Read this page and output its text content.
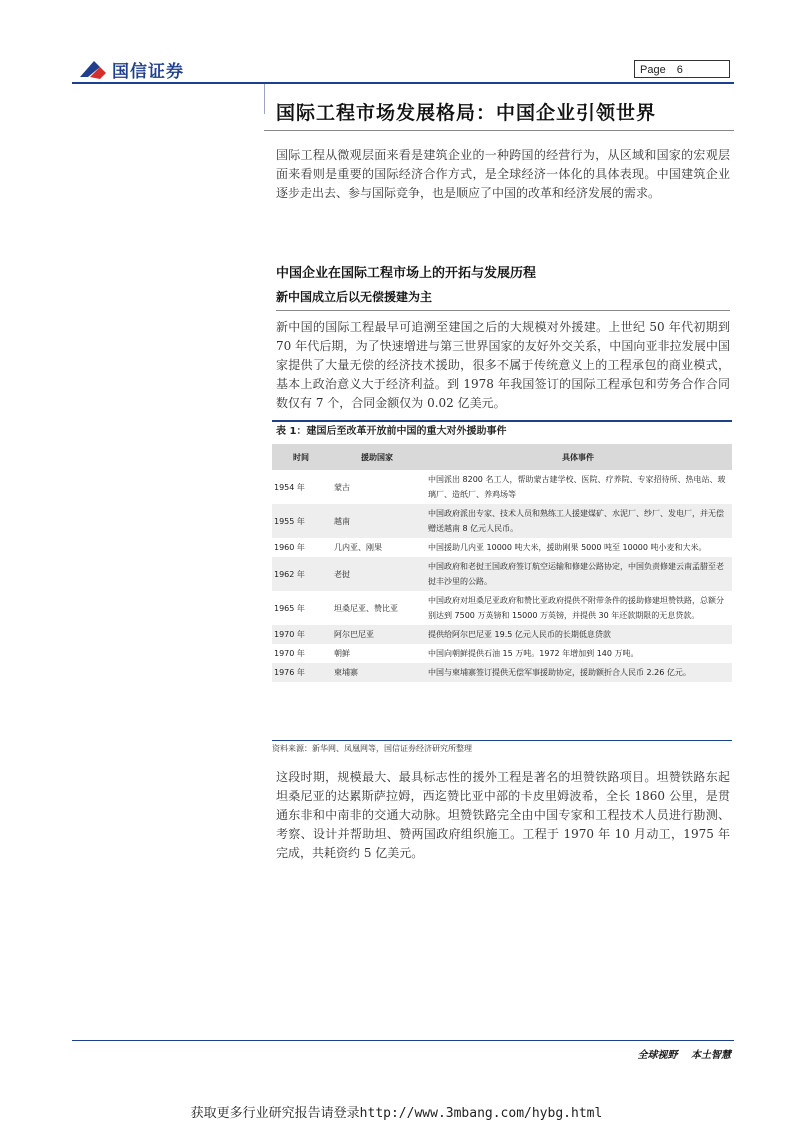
国信证券	Page 6
国际工程市场发展格局：中国企业引领世界

国际工程从微观层面来看是建筑企业的一种跨国的经营行为，从区域和国家的宏观层面来看则是重要的国际经济合作方式，是全球经济一体化的具体表现。中国建筑企业逐步走出去、参与国际竞争，也是顺应了中国的改革和经济发展的需求。

中国企业在国际工程市场上的开拓与发展历程
新中国成立后以无偿援建为主

新中国的国际工程最早可追溯至建国之后的大规模对外援建。上世纪 50 年代初期到 70 年代后期，为了快速增进与第三世界国家的友好外交关系，中国向亚非拉发展中国家提供了大量无偿的经济技术援助，很多不属于传统意义上的工程承包的商业模式，基本上政治意义大于经济利益。到 1978 年我国签订的国际工程承包和劳务合作合同数仅有 7 个，合同金额仅为 0.02 亿美元。

表 1：建国后至改革开放前中国的重大对外援助事件
时间	援助国家	具体事件
1954 年	蒙古	中国派出 8200 名工人，帮助蒙古建学校、医院、疗养院、专家招待所、热电站、玻璃厂、造纸厂、养鸡场等
1955 年	越南	中国政府派出专家、技术人员和熟练工人援建煤矿、水泥厂、纱厂、发电厂，并无偿赠送越南 8 亿元人民币。
1960 年	几内亚、刚果	中国援助几内亚 10000 吨大米，援助刚果 5000 吨至 10000 吨小麦和大米。
1962 年	老挝	中国政府和老挝王国政府签订航空运输和修建公路协定，中国负责修建云南孟腊至老挝丰沙里的公路。
1965 年	坦桑尼亚、赞比亚	中国政府对坦桑尼亚政府和赞比亚政府提供不附带条件的援助修建坦赞铁路，总额分别达到 7500 万英镑和 15000 万英镑，并提供 30 年还款期限的无息贷款。
1970 年	阿尔巴尼亚	提供给阿尔巴尼亚 19.5 亿元人民币的长期低息贷款
1970 年	朝鲜	中国向朝鲜提供石油 15 万吨。1972 年增加到 140 万吨。
1976 年	柬埔寨	中国与柬埔寨签订提供无偿军事援助协定，援助额折合人民币 2.26 亿元。
资料来源：新华网、凤凰网等，国信证券经济研究所整理

这段时期，规模最大、最具标志性的援外工程是著名的坦赞铁路项目。坦赞铁路东起坦桑尼亚的达累斯萨拉姆，西迄赞比亚中部的卡皮里姆波希，全长 1860 公里，是贯通东非和中南非的交通大动脉。坦赞铁路完全由中国专家和工程技术人员进行勘测、考察、设计并帮助坦、赞两国政府组织施工。工程于 1970 年 10 月动工，1975 年完成，共耗资约 5 亿美元。

全球视野 本土智慧
获取更多行业研究报告请登录http://www.3mbang.com/hybg.html
